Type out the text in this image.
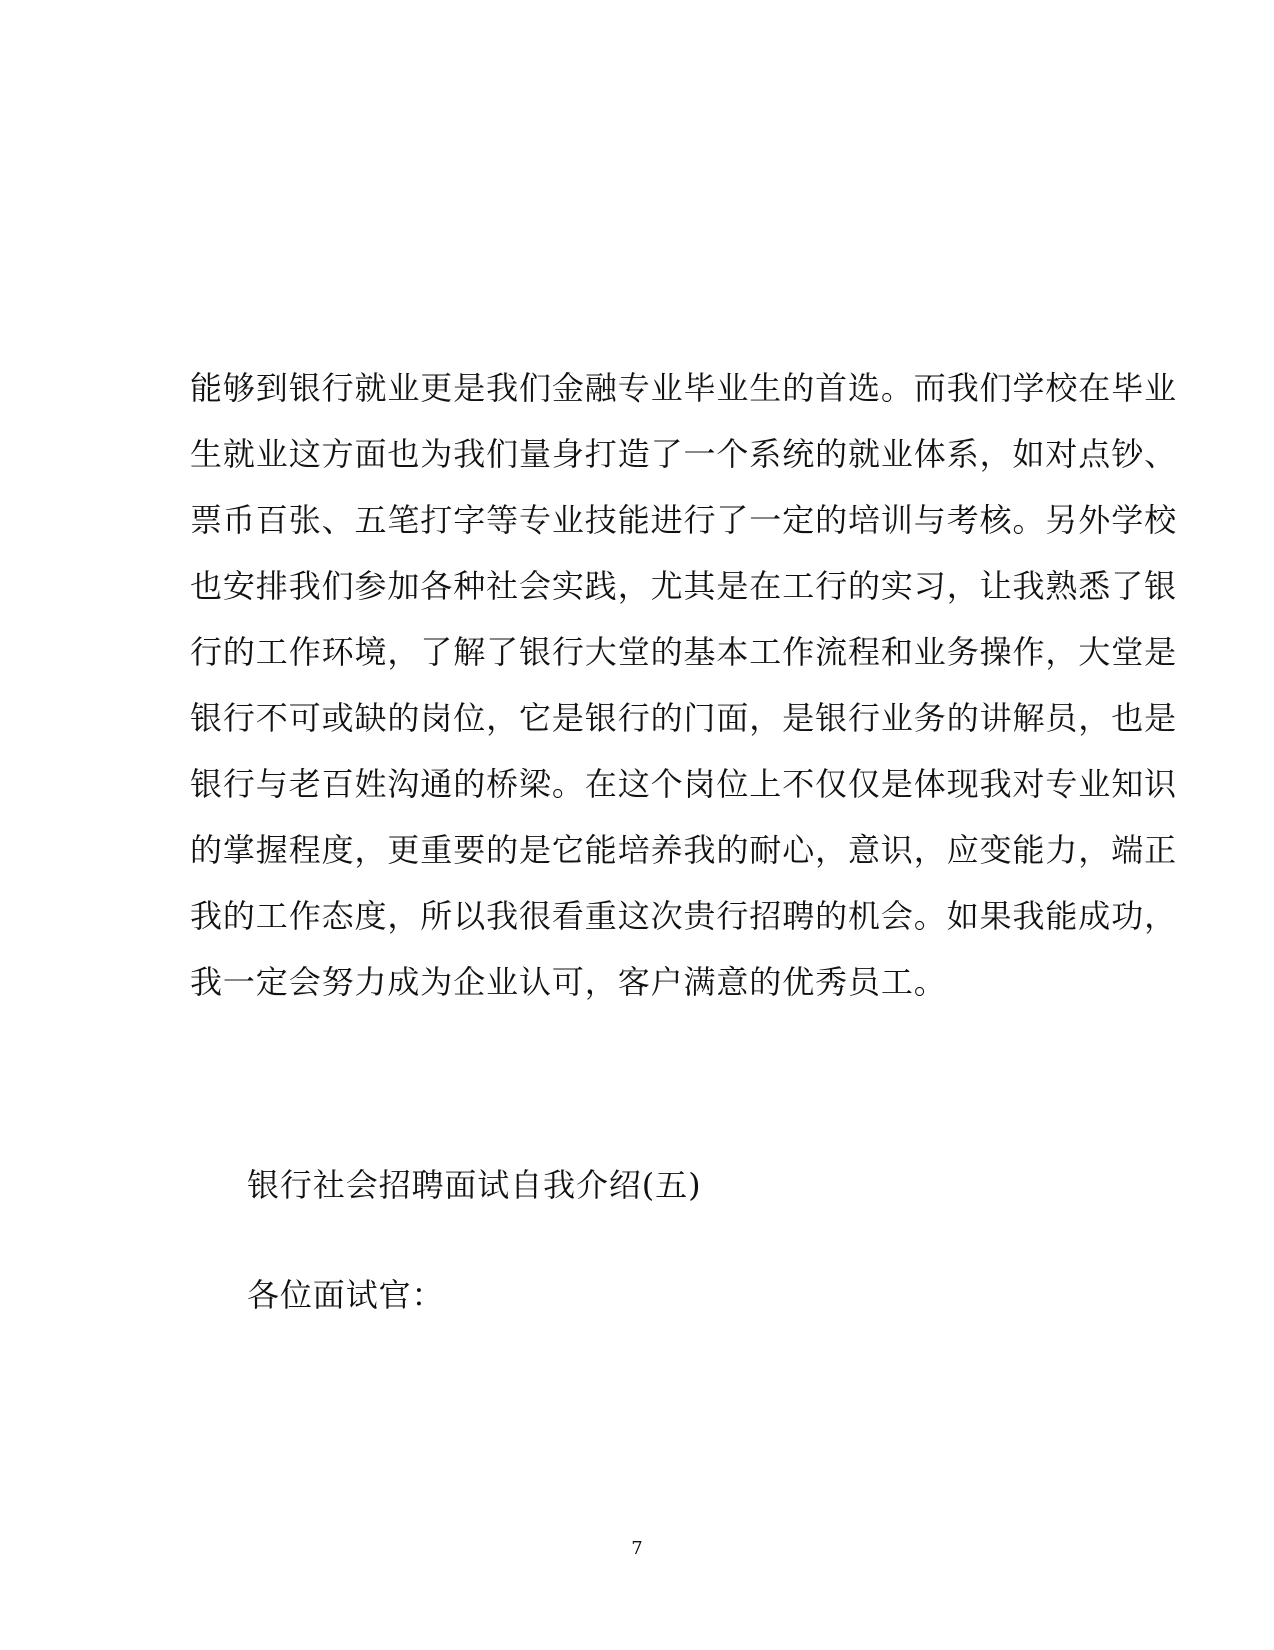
能够到银行就业更是我们金融专业毕业生的首选。而我们学校在毕业
生就业这方面也为我们量身打造了一个系统的就业体系，如对点钞、
票币百张、五笔打字等专业技能进行了一定的培训与考核。另外学校
也安排我们参加各种社会实践，尤其是在工行的实习，让我熟悉了银
行的工作环境，了解了银行大堂的基本工作流程和业务操作，大堂是
银行不可或缺的岗位，它是银行的门面，是银行业务的讲解员，也是
银行与老百姓沟通的桥梁。在这个岗位上不仅仅是体现我对专业知识
的掌握程度，更重要的是它能培养我的耐心，意识，应变能力，端正
我的工作态度，所以我很看重这次贵行招聘的机会。如果我能成功，
我一定会努力成为企业认可，客户满意的优秀员工。
银行社会招聘面试自我介绍(五)
各位面试官：
7
